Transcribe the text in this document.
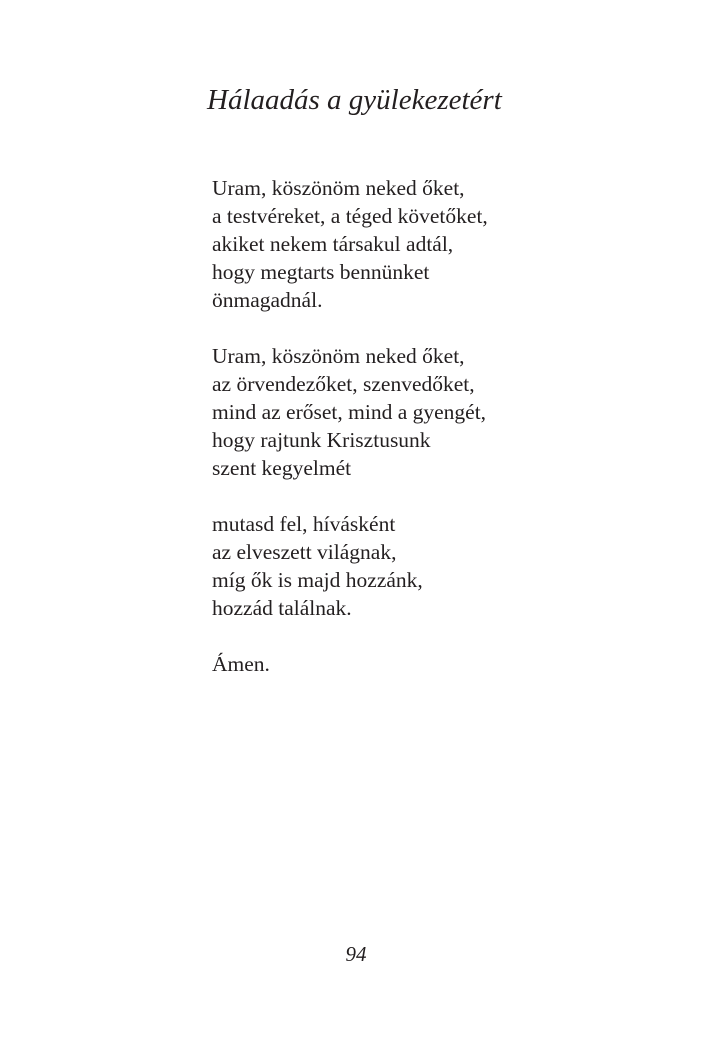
Hálaadás a gyülekezetért
Uram, köszönöm neked őket,
a testvéreket, a téged követőket,
akiket nekem társakul adtál,
hogy megtarts bennünket
önmagadnál.
Uram, köszönöm neked őket,
az örvendezőket, szenvedőket,
mind az erőset, mind a gyengét,
hogy rajtunk Krisztusunk
szent kegyelmét
mutasd fel, hívásként
az elveszett világnak,
míg ők is majd hozzánk,
hozzád találnak.
Ámen.
94
